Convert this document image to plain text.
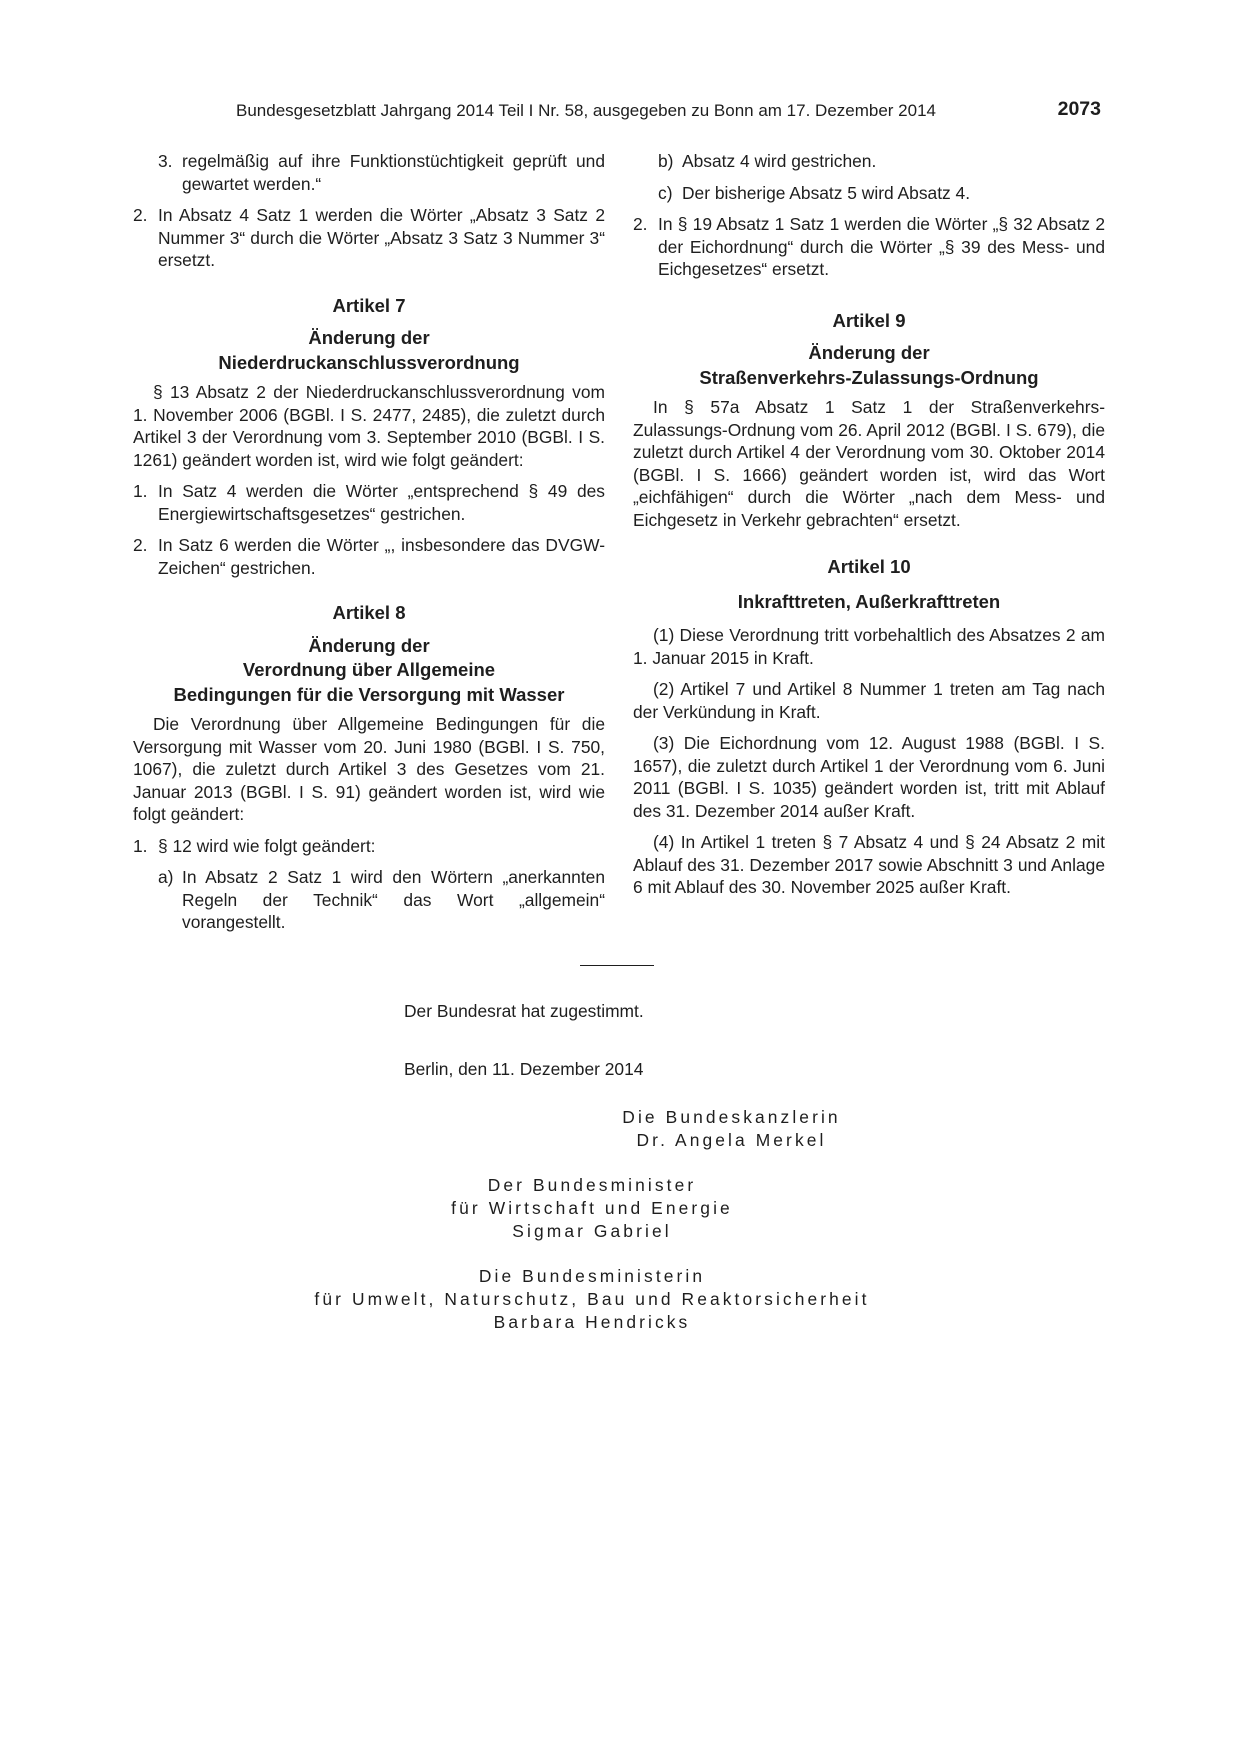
Bundesgesetzblatt Jahrgang 2014 Teil I Nr. 58, ausgegeben zu Bonn am 17. Dezember 2014	2073
3. regelmäßig auf ihre Funktionstüchtigkeit geprüft und gewartet werden.“
2. In Absatz 4 Satz 1 werden die Wörter „Absatz 3 Satz 2 Nummer 3“ durch die Wörter „Absatz 3 Satz 3 Nummer 3“ ersetzt.
Artikel 7
Änderung der
Niederdruckanschlussverordnung

§ 13 Absatz 2 der Niederdruckanschlussverordnung vom 1. November 2006 (BGBl. I S. 2477, 2485), die zuletzt durch Artikel 3 der Verordnung vom 3. September 2010 (BGBl. I S. 1261) geändert worden ist, wird wie folgt geändert:

1. In Satz 4 werden die Wörter „entsprechend § 49 des Energiewirtschaftsgesetzes“ gestrichen.
2. In Satz 6 werden die Wörter „, insbesondere das DVGW-Zeichen“ gestrichen.
Artikel 8
Änderung der
Verordnung über Allgemeine
Bedingungen für die Versorgung mit Wasser

Die Verordnung über Allgemeine Bedingungen für die Versorgung mit Wasser vom 20. Juni 1980 (BGBl. I S. 750, 1067), die zuletzt durch Artikel 3 des Gesetzes vom 21. Januar 2013 (BGBl. I S. 91) geändert worden ist, wird wie folgt geändert:

1. § 12 wird wie folgt geändert:
a) In Absatz 2 Satz 1 wird den Wörtern „anerkannten Regeln der Technik“ das Wort „allgemein“ vorangestellt.
b) Absatz 4 wird gestrichen.
c) Der bisherige Absatz 5 wird Absatz 4.
2. In § 19 Absatz 1 Satz 1 werden die Wörter „§ 32 Absatz 2 der Eichordnung“ durch die Wörter „§ 39 des Mess- und Eichgesetzes“ ersetzt.
Artikel 9
Änderung der
Straßenverkehrs-Zulassungs-Ordnung

In § 57a Absatz 1 Satz 1 der Straßenverkehrs-Zulassungs-Ordnung vom 26. April 2012 (BGBl. I S. 679), die zuletzt durch Artikel 4 der Verordnung vom 30. Oktober 2014 (BGBl. I S. 1666) geändert worden ist, wird das Wort „eichfähigen“ durch die Wörter „nach dem Mess- und Eichgesetz in Verkehr gebrachten“ ersetzt.

Artikel 10
Inkrafttreten, Außerkrafttreten

(1) Diese Verordnung tritt vorbehaltlich des Absatzes 2 am 1. Januar 2015 in Kraft.

(2) Artikel 7 und Artikel 8 Nummer 1 treten am Tag nach der Verkündung in Kraft.

(3) Die Eichordnung vom 12. August 1988 (BGBl. I S. 1657), die zuletzt durch Artikel 1 der Verordnung vom 6. Juni 2011 (BGBl. I S. 1035) geändert worden ist, tritt mit Ablauf des 31. Dezember 2014 außer Kraft.

(4) In Artikel 1 treten § 7 Absatz 4 und § 24 Absatz 2 mit Ablauf des 31. Dezember 2017 sowie Abschnitt 3 und Anlage 6 mit Ablauf des 30. November 2025 außer Kraft.

Der Bundesrat hat zugestimmt.
Berlin, den 11. Dezember 2014
Die Bundeskanzlerin
Dr. Angela Merkel
Der Bundesminister
für Wirtschaft und Energie
Sigmar Gabriel
Die Bundesministerin
für Umwelt, Naturschutz, Bau und Reaktorsicherheit
Barbara Hendricks
